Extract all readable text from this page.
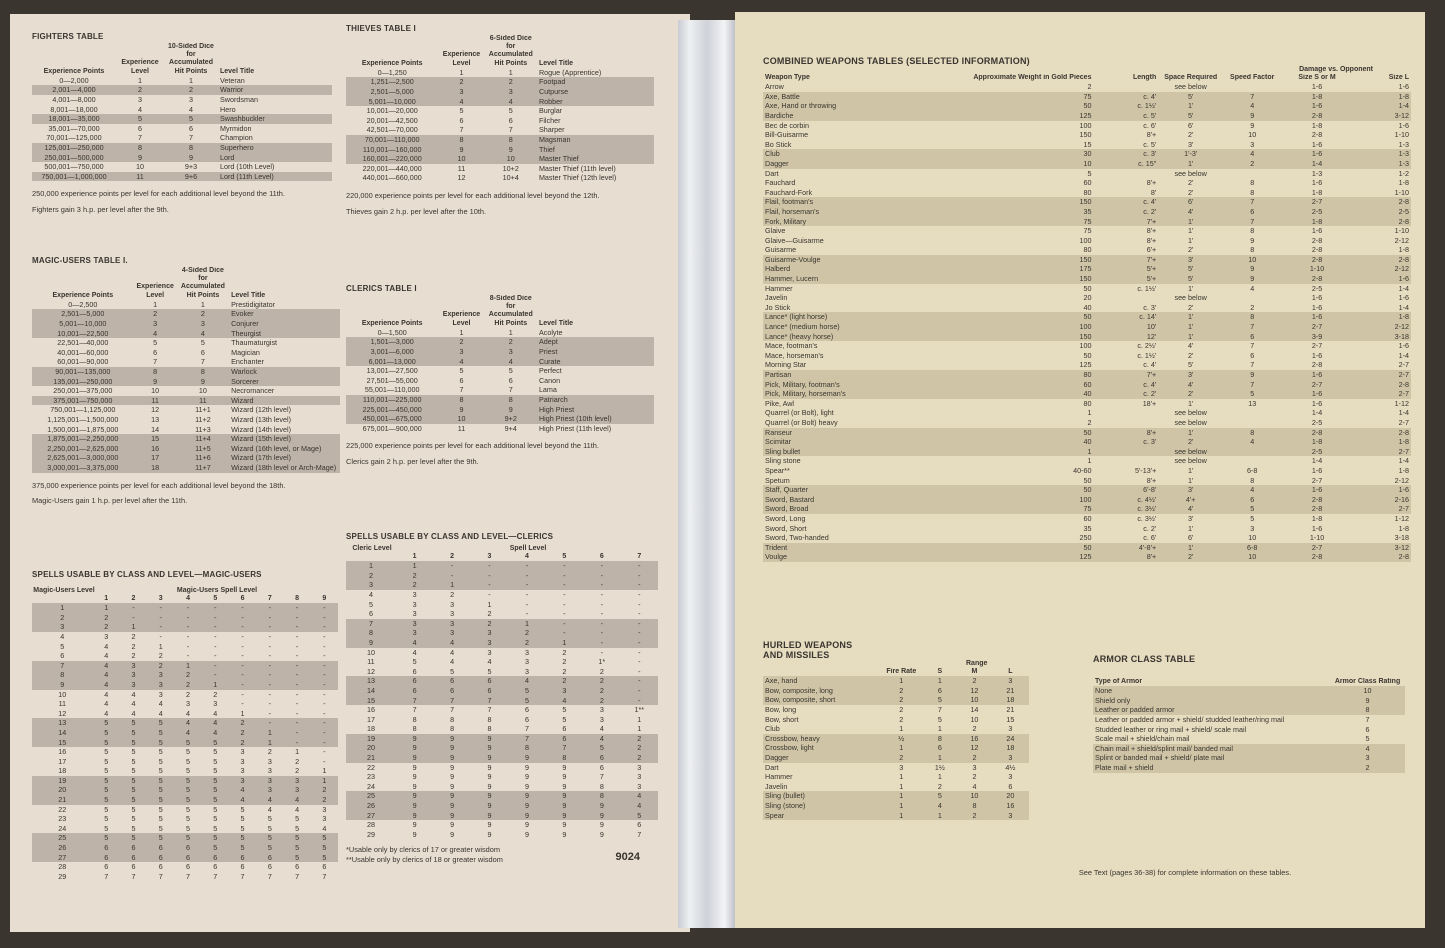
FIGHTERS TABLE
Experience Points	Experience Level	10-Sided Dice for Accumulated Hit Points	Level Title
0—2,000	1	1	Veteran
2,001—4,000	2	2	Warrior
4,001—8,000	3	3	Swordsman
8,001—18,000	4	4	Hero
18,001—35,000	5	5	Swashbuckler
35,001—70,000	6	6	Myrmidon
70,001—125,000	7	7	Champion
125,001—250,000	8	8	Superhero
250,001—500,000	9	9	Lord
500,001—750,000	10	9+3	Lord (10th Level)
750,001—1,000,000	11	9+6	Lord (11th Level)
250,000 experience points per level for each additional level beyond the 11th.
Fighters gain 3 h.p. per level after the 9th.
MAGIC-USERS TABLE I.
Experience Points	Experience Level	4-Sided Dice for Accumulated Hit Points	Level Title
0—2,500	1	1	Prestidigitator
2,501—5,000	2	2	Evoker
5,001—10,000	3	3	Conjurer
10,001—22,500	4	4	Theurgist
22,501—40,000	5	5	Thaumaturgist
40,001—60,000	6	6	Magician
60,001—90,000	7	7	Enchanter
90,001—135,000	8	8	Warlock
135,001—250,000	9	9	Sorcerer
250,001—375,000	10	10	Necromancer
375,001—750,000	11	11	Wizard
750,001—1,125,000	12	11+1	Wizard (12th level)
1,125,001—1,500,000	13	11+2	Wizard (13th level)
1,500,001—1,875,000	14	11+3	Wizard (14th level)
1,875,001—2,250,000	15	11+4	Wizard (15th level)
2,250,001—2,625,000	16	11+5	Wizard (16th level, or Mage)
2,625,001—3,000,000	17	11+6	Wizard (17th level)
3,000,001—3,375,000	18	11+7	Wizard (18th level or Arch-Mage)
375,000 experience points per level for each additional level beyond the 18th.
Magic-Users gain 1 h.p. per level after the 11th.
THIEVES TABLE I
Experience Points	Experience Level	6-Sided Dice for Accumulated Hit Points	Level Title
0—1,250	1	1	Rogue (Apprentice)
1,251—2,500	2	2	Footpad
2,501—5,000	3	3	Cutpurse
5,001—10,000	4	4	Robber
10,001—20,000	5	5	Burglar
20,001—42,500	6	6	Filcher
42,501—70,000	7	7	Sharper
70,001—110,000	8	8	Magsman
110,001—160,000	9	9	Thief
160,001—220,000	10	10	Master Thief
220,001—440,000	11	10+2	Master Thief (11th level)
440,001—660,000	12	10+4	Master Thief (12th level)
220,000 experience points per level for each additional level beyond the 12th.
Thieves gain 2 h.p. per level after the 10th.
CLERICS TABLE I
Experience Points	Experience Level	8-Sided Dice for Accumulated Hit Points	Level Title
0—1,500	1	1	Acolyte
1,501—3,000	2	2	Adept
3,001—6,000	3	3	Priest
6,001—13,000	4	4	Curate
13,001—27,500	5	5	Perfect
27,501—55,000	6	6	Canon
55,001—110,000	7	7	Lama
110,001—225,000	8	8	Patriarch
225,001—450,000	9	9	High Priest
450,001—675,000	10	9+2	High Priest (10th level)
675,001—900,000	11	9+4	High Priest (11th level)
225,000 experience points per level for each additional level beyond the 11th.
Clerics gain 2 h.p. per level after the 9th.
SPELLS USABLE BY CLASS AND LEVEL—MAGIC-USERS
Magic-Users Level	Magic-Users Spell Level
	1	2	3	4	5	6	7	8	9
1	1	-	-	-	-	-	-	-	-
2	2	-	-	-	-	-	-	-	-
3	2	1	-	-	-	-	-	-	-
4	3	2	-	-	-	-	-	-	-
5	4	2	1	-	-	-	-	-	-
6	4	2	2	-	-	-	-	-	-
7	4	3	2	1	-	-	-	-	-
8	4	3	3	2	-	-	-	-	-
9	4	3	3	2	1	-	-	-	-
10	4	4	3	2	2	-	-	-	-
11	4	4	4	3	3	-	-	-	-
12	4	4	4	4	4	1	-	-	-
13	5	5	5	4	4	2	-	-	-
14	5	5	5	4	4	2	1	-	-
15	5	5	5	5	5	2	1	-	-
16	5	5	5	5	5	3	2	1	-
17	5	5	5	5	5	3	3	2	-
18	5	5	5	5	5	3	3	2	1
19	5	5	5	5	5	3	3	3	1
20	5	5	5	5	5	4	3	3	2
21	5	5	5	5	5	4	4	4	2
22	5	5	5	5	5	5	4	4	3
23	5	5	5	5	5	5	5	5	3
24	5	5	5	5	5	5	5	5	4
25	5	5	5	5	5	5	5	5	5
26	6	6	6	6	5	5	5	5	5
27	6	6	6	6	6	6	6	5	5
28	6	6	6	6	6	6	6	6	6
29	7	7	7	7	7	7	7	7	7
SPELLS USABLE BY CLASS AND LEVEL—CLERICS
Cleric Level	Spell Level
	1	2	3	4	5	6	7
1	1	-	-	-	-	-	-
2	2	-	-	-	-	-	-
3	2	1	-	-	-	-	-
4	3	2	-	-	-	-	-
5	3	3	1	-	-	-	-
6	3	3	2	-	-	-	-
7	3	3	2	1	-	-	-
8	3	3	3	2	-	-	-
9	4	4	3	2	1	-	-
10	4	4	3	3	2	-	-
11	5	4	4	3	2	1*	-
12	6	5	5	3	2	2	-
13	6	6	6	4	2	2	-
14	6	6	6	5	3	2	-
15	7	7	7	5	4	2	-
16	7	7	7	6	5	3	1**
17	8	8	8	6	5	3	1
18	8	8	8	7	6	4	1
19	9	9	9	7	6	4	2
20	9	9	9	8	7	5	2
21	9	9	9	9	8	6	2
22	9	9	9	9	9	6	3
23	9	9	9	9	9	7	3
24	9	9	9	9	9	8	3
25	9	9	9	9	9	8	4
26	9	9	9	9	9	9	4
27	9	9	9	9	9	9	5
28	9	9	9	9	9	9	6
29	9	9	9	9	9	9	7
*Usable only by clerics of 17 or greater wisdom
**Usable only by clerics of 18 or greater wisdom	9024
COMBINED WEAPONS TABLES (SELECTED INFORMATION)
Damage vs. Opponent
Weapon Type	Approximate Weight in Gold Pieces	Length	Space Required	Speed Factor	Size S or M	Size L
Arrow	2		see below		1-6	1-6
Axe, Battle	75	c. 4'	5'	7	1-8	1-8
Axe, Hand or throwing	50	c. 1½'	1'	4	1-6	1-4
Bardiche	125	c. 5'	5'	9	2-8	3-12
Bec de corbin	100	c. 6'	6'	9	1-8	1-6
Bill-Guisarme	150	8'+	2'	10	2-8	1-10
Bo Stick	15	c. 5'	3'	3	1-6	1-3
Club	30	c. 3'	1'-3'	4	1-6	1-3
Dagger	10	c. 15"	1'	2	1-4	1-3
Dart	5		see below		1-3	1-2
Fauchard	60	8'+	2'	8	1-6	1-8
Fauchard-Fork	80	8'	2'	8	1-8	1-10
Flail, footman's	150	c. 4'	6'	7	2-7	2-8
Flail, horseman's	35	c. 2'	4'	6	2-5	2-5
Fork, Military	75	7'+	1'	7	1-8	2-8
Glaive	75	8'+	1'	8	1-6	1-10
Glaive—Guisarme	100	8'+	1'	9	2-8	2-12
Guisarme	80	6'+	2'	8	2-8	1-8
Guisarme-Voulge	150	7'+	3'	10	2-8	2-8
Halberd	175	5'+	5'	9	1-10	2-12
Hammer, Lucern	150	5'+	5'	9	2-8	1-6
Hammer	50	c. 1½'	1'	4	2-5	1-4
Javelin	20		see below		1-6	1-6
Jo Stick	40	c. 3'	2'	2	1-6	1-4
Lance* (light horse)	50	c. 14'	1'	8	1-6	1-8
Lance* (medium horse)	100	10'	1'	7	2-7	2-12
Lance* (heavy horse)	150	12'	1'	6	3-9	3-18
Mace, footman's	100	c. 2½'	4'	7	2-7	1-6
Mace, horseman's	50	c. 1½'	2'	6	1-6	1-4
Morning Star	125	c. 4'	5'	7	2-8	2-7
Partisan	80	7'+	3'	9	1-6	2-7
Pick, Military, footman's	60	c. 4'	4'	7	2-7	2-8
Pick, Military, horseman's	40	c. 2'	2'	5	1-6	2-7
Pike, Awl	80	18'+	1'	13	1-6	1-12
Quarrel (or Bolt), light	1		see below		1-4	1-4
Quarrel (or Bolt) heavy	2		see below		2-5	2-7
Ranseur	50	8'+	1'	8	2-8	2-8
Scimitar	40	c. 3'	2'	4	1-8	1-8
Sling bullet	1		see below		2-5	2-7
Sling stone	1		see below		1-4	1-4
Spear**	40-60	5'-13'+	1'	6-8	1-6	1-8
Spetum	50	8'+	1'	8	2-7	2-12
Staff, Quarter	50	6'-8'	3'	4	1-6	1-6
Sword, Bastard	100	c. 4½'	4'+	6	2-8	2-16
Sword, Broad	75	c. 3½'	4'	5	2-8	2-7
Sword, Long	60	c. 3½'	3'	5	1-8	1-12
Sword, Short	35	c. 2'	1'	3	1-6	1-8
Sword, Two-handed	250	c. 6'	6'	10	1-10	3-18
Trident	50	4'-8'+	1'	6-8	2-7	3-12
Voulge	125	8'+	2'	10	2-8	2-8
HURLED WEAPONS
AND MISSILES
Range
	Fire Rate	S	M	L
Axe, hand	1	1	2	3
Bow, composite, long	2	6	12	21
Bow, composite, short	2	5	10	18
Bow, long	2	7	14	21
Bow, short	2	5	10	15
Club	1	1	2	3
Crossbow, heavy	½	8	16	24
Crossbow, light	1	6	12	18
Dagger	2	1	2	3
Dart	3	1½	3	4½
Hammer	1	1	2	3
Javelin	1	2	4	6
Sling (bullet)	1	5	10	20
Sling (stone)	1	4	8	16
Spear	1	1	2	3
ARMOR CLASS TABLE
Type of Armor	Armor Class Rating
None	10
Shield only	9
Leather or padded armor	8
Leather or padded armor + shield/ studded leather/ring mail	7
Studded leather or ring mail + shield/ scale mail	6
Scale mail + shield/chain mail	5
Chain mail + shield/splint mail/ banded mail	4
Splint or banded mail + shield/ plate mail	3
Plate mail + shield	2
See Text (pages 36-38) for complete information on these tables.
